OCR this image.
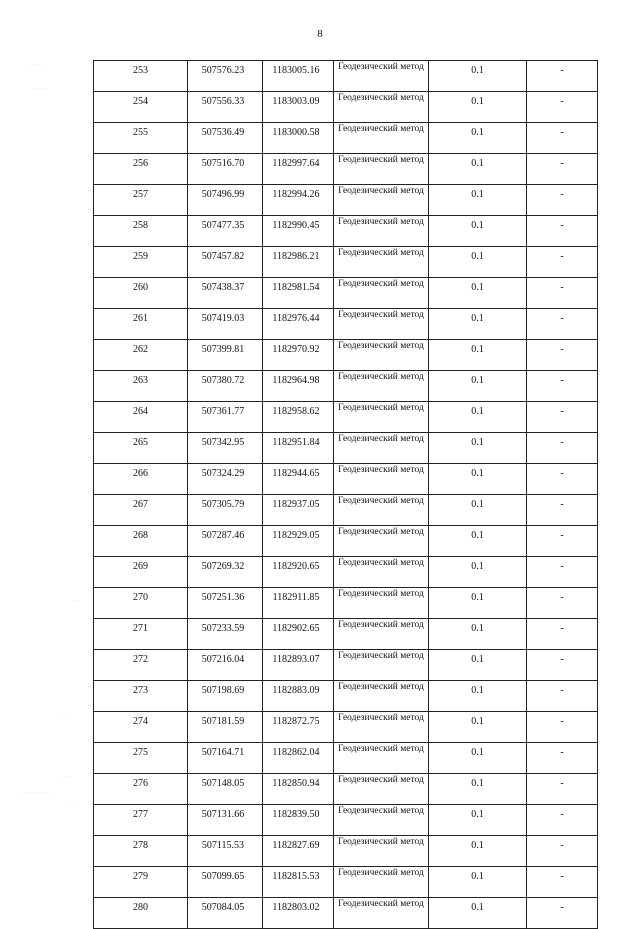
8
· · · ·
· · · ·
· ·
· · ·
· · ·
· · · · · · · · ·
· · ·
253	507576.23	1183005.16	Геодезический метод	0.1	-
254	507556.33	1183003.09	Геодезический метод	0.1	-
255	507536.49	1183000.58	Геодезический метод	0.1	-
256	507516.70	1182997.64	Геодезический метод	0.1	-
257	507496.99	1182994.26	Геодезический метод	0.1	-
258	507477.35	1182990.45	Геодезический метод	0.1	-
259	507457.82	1182986.21	Геодезический метод	0.1	-
260	507438.37	1182981.54	Геодезический метод	0.1	-
261	507419.03	1182976.44	Геодезический метод	0.1	-
262	507399.81	1182970.92	Геодезический метод	0.1	-
263	507380.72	1182964.98	Геодезический метод	0.1	-
264	507361.77	1182958.62	Геодезический метод	0.1	-
265	507342.95	1182951.84	Геодезический метод	0.1	-
266	507324.29	1182944.65	Геодезический метод	0.1	-
267	507305.79	1182937.05	Геодезический метод	0.1	-
268	507287.46	1182929.05	Геодезический метод	0.1	-
269	507269.32	1182920.65	Геодезический метод	0.1	-
270	507251.36	1182911.85	Геодезический метод	0.1	-
271	507233.59	1182902.65	Геодезический метод	0.1	-
272	507216.04	1182893.07	Геодезический метод	0.1	-
273	507198.69	1182883.09	Геодезический метод	0.1	-
274	507181.59	1182872.75	Геодезический метод	0.1	-
275	507164.71	1182862.04	Геодезический метод	0.1	-
276	507148.05	1182850.94	Геодезический метод	0.1	-
277	507131.66	1182839.50	Геодезический метод	0.1	-
278	507115.53	1182827.69	Геодезический метод	0.1	-
279	507099.65	1182815.53	Геодезический метод	0.1	-
280	507084.05	1182803.02	Геодезический метод	0.1	-
